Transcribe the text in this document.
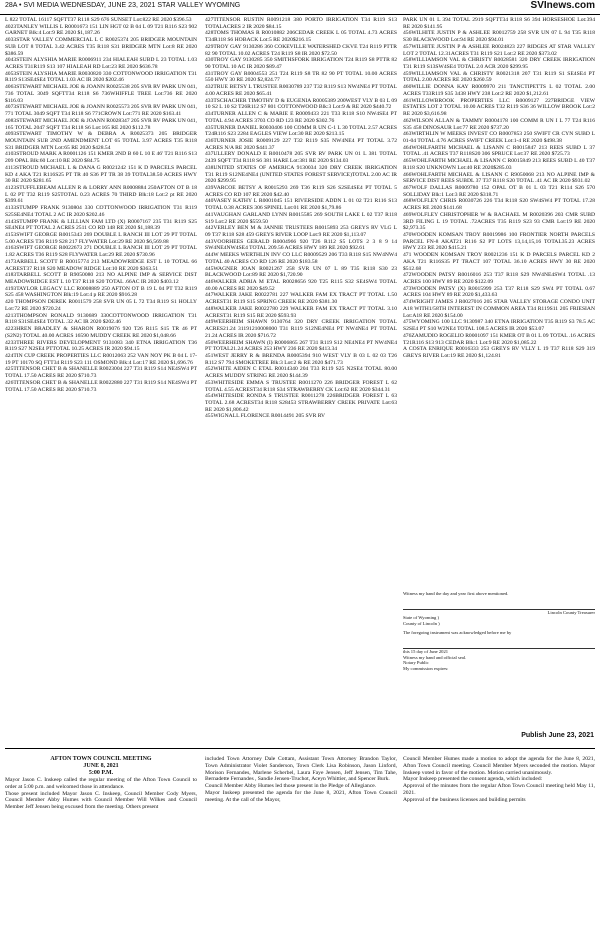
28A • SVI MEDIA WEDNESDAY, JUNE 23, 2021 STAR VALLEY WYOMING	SVInews.com

L 822 TOTAL 16117 SQFTT37 R118 S29 676 SUNSET Lot:822 RE 2020 $396.53

4023TANLEY WILLIS L R0001673 151 LIN HGT 02 B 04 L 09 T21 R116 S23 902 GARNET Blk:4 Lot:9 RE 2020 $1,187.26

4033STAR VALLEY COMMERCIAL L C R0025374 205 BRIDGER MOUNTAIN SUB LOT 8 TOTAL 3.42 ACRES T35 R118 S31 BRIDGER MTN Lot:8 RE 2020 $386.59

4043STEIN ALYSHIA MARIE R0006911 234 HIALEAH SUBD L 23 TOTAL 1.03 ACRES T31R119 S13 107 HIALEAH RD Lot:23 RE 2020 $636.78

4053STEIN ALYSHIA MARIE R0030820 330 COTTONWOOD IRRIGATION T31 R119 S13SE4SE4 TOTAL 1.03 AC IR 2020 $202.46

4063STEWART MICHAEL JOE & JOANN R0025538 205 SVR RV PARK UN 041, 736 TOTAL 3049 SQFTT34 R118 S6 736WHIFFLE TREE Lot:736 RE 2020 $116.03

4073STEWART MICHAEL JOE & JOANN R0025573 205 SVR RV PARK UN 041, 771 TOTAL 3049 SQFT T34 R118 S6 771CROWN Lot:771 RE 2020 $163.41

4083STEWART MICHAEL JOE & JOANN R0028347 205 SVR RV PARK UN 041, 165 TOTAL 2047 SQFT T34 R118 S6 Lot:165 RE 2020 $112.78

4093STEWART TIMOTHY W & DEBRA A R0025373 205 BRIDGER MOUNTAIN SUB 2ND AMENDMENT LOT 65 TOTAL 3.97 ACRES T35 R118 S31 BRIDGER MTN Lot:65 RE 2020 $428.54

4103STROUD MARK A R0001126 151 KMER 2ND B 60 L 10 E 46' T21 R116 S13 209 OPAL Blk:60 Lot:10 RE 2020 $84.75

4113STROUD MICHAEL L & DANA G R0021242 151 K D PARCELS PARCEL KD 4 AKA T21 R116S25 PT TR 40 S36 PT TR 38 39 TOTAL38.50 ACRES HWY 30 RE 2020 $281.65

4123STUFFLEBEAM ALLEN R & LORRY ANN R0008884 250AFTON OT B 18 L 02 PT T32 R119 S25TOTAL 0.23 ACRES 70 THIRD Blk:18 Lot:2 pt RE 2020 $399.61

4133STUMPP FRANK 9130804 330 COTTONWOOD IRRIGATION T31 R119 S25SE4NE4 TOTAL 2 AC IR 2020 $202.46

4143STUMPP FRANK & LILLIAN FAM LTD (X) R0007167 235 T31 R119 S25 SE4NE4 PT TOTAL 2 ACRES 2511 CO RD 148 RE 2020 $1,188.39

4153SWIFT GEORGE R0015343 269 DOUBLE L RANCH III LOT 29 PT TOTAL 5.00 ACRES T36 R119 S28 217 FLYWATER Lot:29 RE 2020 $6,569.88

4163SWIFT GEORGE R0022673 271 DOUBLE L RANCH III LOT 29 PT TOTAL 1.82 ACRES T36 R119 S28 FLYWATER Lot:29 RE 2020 $730.96

4173ARBELL SCOTT B R0015774 213 MEADOWRIDGE EST L 10 TOTAL 66 ACREST37 R118 S20 MEADOW RIDGE Lot:10 RE 2020 $363.51

4183TARBELL SCOTT B R9050080 213 NO ALPINE IMP & SERVICE DIST MEADOWRIDGE EST L 10 T37 R118 S20 TOTAL .66AC IR 2020 $403.12

4193TAYLOR LEGACY LLC R0008889 250 AFTON OT B 19 L 04 PT T32 R119 S25 458 WASHINGTON Blk:19 Lot:4 p RE 2020 $916.28

420 THOMPSON DEREK R0011579 258 SVR UN 05 L 72 T34 R119 S1 HOLLY Lot:72 RE 2020 $720.24

4213THOMPSON RONALD 9130689 330COTTONWOOD IRRIGATION T31 R118 S31SE4SE4 TOTAL .32 AC IR 2020 $202.46

4223HREN BRADLEY & SHARON R0019076 920 T26 R115 S15 TR 46 PT (S2N2) TOTAL 40.00 ACRES 16590 MUDDY CREEK RE 2020 $1,048.66

4233THREE RIVERS DEVELOPMENT 9131083 340 ETNA IRRIGATION T36 R119 S27 N2SE4 PTTOTAL 10.25 ACRES IR 2020 $94.15

424TIN CUP CREEK PROPERTIES LLC R0012063 252 VAN NOY PK B 04 L 17-19 PT 10170 SQ FTT34 R119 S23 111 OSMOND Blk:4 Lot:17 RE 2020 $1,696.76

425TITENSOR CHET B & SHANELLE R0023004 227 T31 R119 S14 NE4SW4 PT TOTAL 17.50 ACRES RE 2020 $710.73

426TITENSOR CHET B & SHANELLE R0022880 227 T31 R119 S14 NE4SW4 PT TOTAL 17.50 ACRES RE 2020 $710.73

427TITENSOR RUSTIN R0091218 380 PORTO IRRIGATION T34 R119 S13 TOTALACRES 2 IR 2020 $84.15

428TOMS THOMAS R R0010882 206CEDAR CREEK L 05 TOTAL 4.73 ACRES T34R118 S6 HOBACK Lot:5 RE 2020$216.15

429TROY GAY 9130286 360 COKEVILLE WATERSHED CKVE T24 R119 PTTR 82 90 TOTAL 10.02 ACRES T24 R119 S8 IR 2020 $72.50

430TROY GAY 9130285 350 SMITHSFORK IRRIGATION T24 R119 S8 PTTR 82 90 TOTAL 10 AC IR 2020 $89.47

431TROY GAY R0004553 251 T24 R119 S8 TR 82 90 PT TOTAL 10.00 ACRES 550 HWY 30 RE 2020 $2,824.77

432TRUE BETSY L TRUSTEE R0030789 237 T32 R119 S13 NW4NE4 PT TOTAL 4.00 ACRES RE 2020 $65.41

433TSCHACHER TIMOTHY D & EUGENIA R0005389 200WEST VLY B 03 L 09 10 S2 L 10 S2 T26R112 S7 801 COTTONWOOD Blk:3 Lot:9 & RE 2020 $440.72

434TURNER ALLEN C & MARIE E R0009433 221 T33 R118 S10 NW4SE4 PT TOTAL 4.94 ACRES 3703 CO RD 123 RE 2020 $302.76

435TURNER DANIEL R0030406 100 COMM R UN C-1 L 30 TOTAL 2.57 ACRES T24R116 S23 2284 EAGLES VIEW Lot:30 RE 2020 $213.15

436TURNER JOSIE R0009129 227 T32 R119 S35 NW4NE4 PT TOTAL 3.72 ACRES N/A RE 2020 $441.37

437ULLERY DONALD E R0010478 205 SVR RV PARK UN 01 L 381 TOTAL 2439 SQFT T34 R118 S6 381 HARE Lot:381 RE 2020 $134.03

438UNITED STATES OF AMERICA 9130034 320 DRY CREEK IRRIGATION T31 R119 S12NE4NE4 (UNITED STATES FOREST SERVICE)TOTAL 2.00 AC IR 2020 $299.95

439VARCOE BETSY A R0015293 269 T36 R119 S26 S2SE4SE4 PT TOTAL 5 ACRES CO RD 107 RE 2020 $42.40

440VASEY KATHY L R0001045 151 RIVERSIDE ADDN L 01 02 T21 R116 S13 TOTAL 0.38 ACRES 306 SPINEL Lot:01 RE 2020 $1,79.86

441VAUGHAN GARLAND LYNN R0015585 269 SOUTH LAKE L 02 T37 R118 S19 Lot:2 RE 2020 $559.50

442VERLEY BEN M & JANNIE TRUSTEES R0015893 253 GREYS RV VLG L 09 T37 R118 S28 459 GREYS RIVER LOOP Lot:9 RE 2020 $1,113.07

443VOORHEES GERALD R0004966 920 T26 R112 S5 LOTS 2 3 8 9 14 SW4NE4NW4SE4 TOTAL 209.56 ACRES HWY 189 RE 2020 $92.61

444W MEEKS WERTHLIN INV CO LLC R0009529 206 T33 R118 S15 NW4NW4 TOTAL 40 ACRES CO RD 126 RE 2020 $183.58

445WAGNER JOAN R0021267 258 SVR UN 07 L 89 T35 R118 S30 23 BLACKWOOD Lot:89 RE 2020 $1,720.90

446WALKER ADRIA M ETAL R0028656 920 T25 R115 S32 SE4SW4 TOTAL 40.00 ACRES RE 2020 $49.52

447WALKER JAKE R0022781 227 WALKER FAM EX TRACT PT TOTAL 1.50 ACREST31 R119 S15 SPRING CREEK RE 2020 $381.30

448WALKER JAKE R0022780 229 WALKER FAM EX TRACT PT TOTAL 3.10 ACREST31 R119 S15 RE 2020 $593.93

449WEERHEIM SHAWN 9130764 320 DRY CREEK IRRIGATION TOTAL ACRES21.24 31191210008000 T31 R119 S12NE4NE4 PT NW4NE4 PT TOTAL 21.24 ACRES IR 2020 $716.72

450WEERHEIM SHAWN (I) R0006865 267 T31 R119 S12 NE4NE4 PT NW4NE4 PT TOTAL21.24 ACRES 253 HWY 236 RE 2020 $413.34

451WEST JERRY R & BRENDA R0005394 910 WEST VLY B 03 L 02 03 T26 R112 S7 794 SMOKETREE Blk:3 Lot:2 & RE 2020 $471.73

452WHITE AIDEN C ETAL R0014340 204 T33 R119 S25 N2SE4 TOTAL 80.00 ACRES MUDDY STRING RE 2020 $144.39

453WHITESIDE EMMA S TRUSTEE R0011270 226 BRIDGER FOREST L 62 TOTAL 4.55 ACREST34 R118 S34 STRAWBERRY CK Lot:62 RE 2020 $344.31

454WHITESIDE RONDA S TRUSTEE R0011278 226BRIDGER FOREST L 63 TOTAL 2.68 ACREST34 R118 S28453 STRAWBERRY CREEK PRIVATE Lot:63 RE 2020 $1,806.42

455WIGNALL FLORENCE R0014491 205 SVR RV

PARK UN 01 L 394 TOTAL 2919 SQFTT34 R118 S6 394 HORSESHOE Lot:394 RE 2020 $141.95

456WILHITE JUSTIN P & ASHLEE R0012759 258 SVR UN 07 L 94 T35 R118 S30 BLACKWOOD Lot:94 RE 2020 $94.01

457WILHITE JUSTIN P & ASHLEE R0024823 227 RIDGES AT STAR VALLEY LOT 2 TOTAL 12.31ACRES T31 R119 S21 Lot:2 RE 2020 $373.02

458WILLIAMSON VAL & CHRISTY R0028581 320 DRY CREEK IRRIGATION T31 R119 S13SW4SE4 TOTAL 2.0 ACR 2020 $299.95

459WILLIAMSON VAL & CHRISTY R0021318 207 T31 R119 S1 SE4SE4 PT TOTAL 2.00 ACRES RE 2020 $260.59

460WILLIE DONNA KAY R0009970 211 TANCTIPETTS L 02 TOTAL 2.00 ACRES T33R119 S35 3438 HWY 238 Lot:2 RE 2020 $1,212.61

461WILLOWBROOK PROPERTIES LLC R0009127 227BRIDGE VIEW ESTATES LOT 2 TOTAL 10.00 ACRES T32 R119 S36 36 WILLOW BROOK Lot:2 RE 2020 $3,616.98

462WILSON ALLAN & TAMMY R0004178 100 COMM R UN I L 77 T24 R116 S35 458 DINOSAUR Lot:77 RE 2020 $737.20

463WIRTHLIN W MEEKS INVEST CO R0007853 250 SWIFT CR CYN SUBD L 01-04 TOTAL 4.76 ACRES SWIFT CREEK Lot:1-4 RE 2020 $498.38

464WOHLFARTH MICHAEL & LISANN C R0015847 213 REES SUBD L 37 TOTAL .41 ACRES T37 R118S20 306 SPRUCE Lot:37 RE 2020 $725.73

465WOHLFARTH MICHAEL & LISANN C R0015849 213 REES SUBD L 40 T37 R118 S20 UNKNOWN Lot:40 RE 2020$285.03

466WOHLFARTH MICHAEL & LISANN C R9050068 213 NO ALPINE IMP & SERVICE DIST REES SUBDL 37 T37 R118 S20 TOTAL .41 AC IR 2020 $931.02

467WOLF DALLAS R0009780 152 OPAL OT B 01 L 03 T21 R114 S26 570 SOLLIDAY Blk:1 Lot:3 RE 2020 $318.71

468WOLFLEY CHRIS R0030726 226 T34 R118 S20 SW4SW4 PT TOTAL 17.28 ACRES RE 2020 $141.68

469WOLFLEY CHRISTOPHER W & RACHAEL M R0020396 203 CMR SUBD 3RD FILING L 19 TOTAL .72ACRES T35 R119 S23 93 CMR Lot:19 RE 2020 $2,973.35

470WOODEN KOMSAN TROY R0019986 100 FRONTIER NORTH PARCELS PARCEL FN-8 AKAT21 R116 S2 PT LOTS 13,14,15,16 TOTAL35.23 ACRES HWY 233 RE 2020 $415.21

471 WOODEN KOMSAN TROY R0021236 151 K D PARCELS PARCEL KD 2 AKA T21 R116S35 PT TRACT 107 TOTAL 36.10 ACRES HWY 30 RE 2020 $512.68

472WOODEN PATSY R0016016 253 T37 R118 S29 NW4NE4SW4 TOTAL .13 ACRES 100 HWY 89 RE 2020 $122.09

473WOODEN PATSY (X) R0015999 253 T37 R118 S29 SW4 PT TOTAL 0.67 ACRES 104 HWY 89 RE 2020 $1,433.63

474WRIGHT JAMES J R0027016 205 STAR VALLEY STORAGE CONDO UNIT A18 WITH1/58TH INTEREST IN COMMON AREA T34 R119S11 205 FRIESIAN Lot:A18 RE 2020 $154.00

475WYOMING 100 LLC 9130987 340 ETNA IRRIGATION T35 R119 S3 78.5 AC S2SE4 PT S10 W2NE4 TOTAL 108.5 ACRES IR 2020 $53.07

476ZAMUDIO ROGELIO R0001097 151 KMER OT B 01 L 09 TOTAL .16 ACRES T21R116 S13 913 CEDAR Blk:1 Lot:9 RE 2020 $1,085.22

A COSTA ENRIQUE R0016333 253 GREYS RV VLLY L 19 T37 R118 S29 319 GREYS RIVER Lot:19 RE 2020 $1,124.81

Witness my hand the day and year first above mentioned.
Lincoln County Treasurer
State of Wyoming )
County of Lincoln )
The foregoing instrument was acknowledged before me by
this 15 day of June 2021
Witness my hand and official seal.
Notary Public
My commission expires:
Publish June 23, 2021
AFTON TOWN COUNCIL MEETING
JUNE 8, 2021
5:00 P.M.

Mayor Jason C. Inskeep called the regular meeting of the Afton Town Council to order at 5:00 p.m. and welcomed those in attendance.

Those present included Mayor Jason C. Inskeep, Council Member Cody Myers, Council Member Abby Humes with Council Member Will Wilkes and Council Member Jeff Jensen being excused from the meeting. Others present

included Town Attorney Dale Cottam, Assistant Town Attorney Brandon Taylor, Town Administrator Violet Sanderson, Town Clerk Lisa Robinson, Jason Linford, Morison Fernandes, Marlene Scherbel, Laura Faye Jensen, Jeff Jensen, Tim Tahe, Bernadette Fernandes , Sandie Jensen-Truchot, Aceyn Whittier, and Spencer Burk.

Council Member Abby Humes led those present in the Pledge of Allegiance.

Mayor Inskeep presented the agenda for the June 8, 2021, Afton Town Council meeting. At the call of the Mayor,

Council Member Humes made a motion to adopt the agenda for the June 8, 2021, Afton Town Council meeting. Council Member Myers seconded the motion. Mayor Inskeep voted in favor of the motion. Motion carried unanimously.

Mayor Inskeep presented the consent agenda, which included:

Approval of the minutes from the regular Afton Town Council meeting held May 11, 2021.

Approval of the business licenses and building permits
